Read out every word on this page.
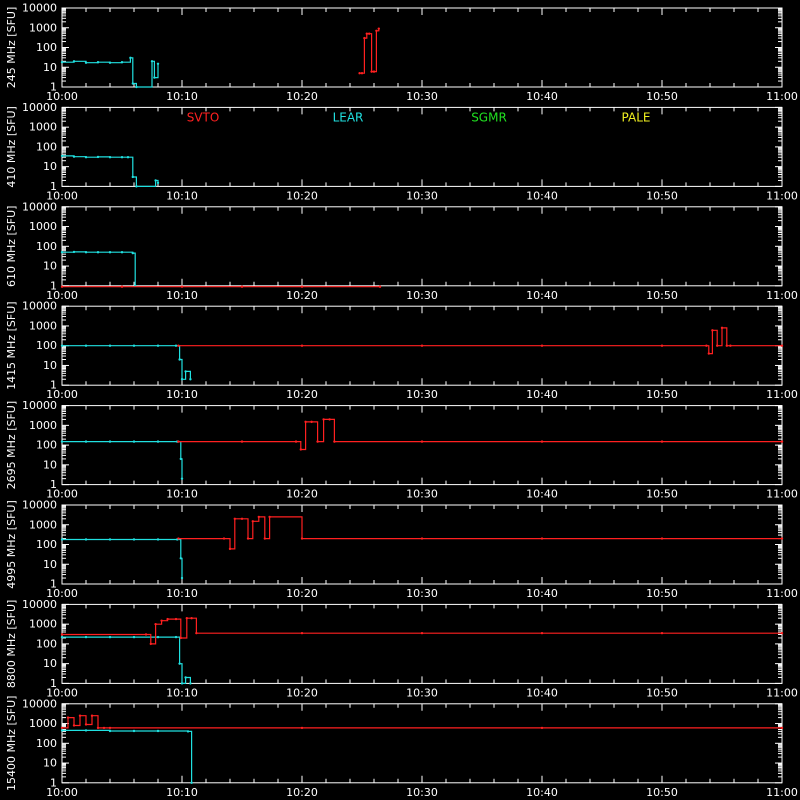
1
10
100
1000
10000
10:00	10:10	10:20	10:30	10:40	10:50	11:00
245 MHz [SFU]
1
10
100
1000
10000
10:00	10:10	10:20	10:30	10:40	10:50	11:00
410 MHz [SFU]	SVTO	LEAR	SGMR	PALE
1
10
100
1000
10000
10:00	10:10	10:20	10:30	10:40	10:50	11:00
610 MHz [SFU]
1
10
100
1000
10000
10:00	10:10	10:20	10:30	10:40	10:50	11:00
1415 MHz [SFU]
1
10
100
1000
10000
10:00	10:10	10:20	10:30	10:40	10:50	11:00
2695 MHz [SFU]
1
10
100
1000
10000
10:00	10:10	10:20	10:30	10:40	10:50	11:00
4995 MHz [SFU]
1
10
100
1000
10000
10:00	10:10	10:20	10:30	10:40	10:50	11:00
8800 MHz [SFU]
1
10
100
1000
10000
10:00	10:10	10:20	10:30	10:40	10:50	11:00
15400 MHz [SFU]
